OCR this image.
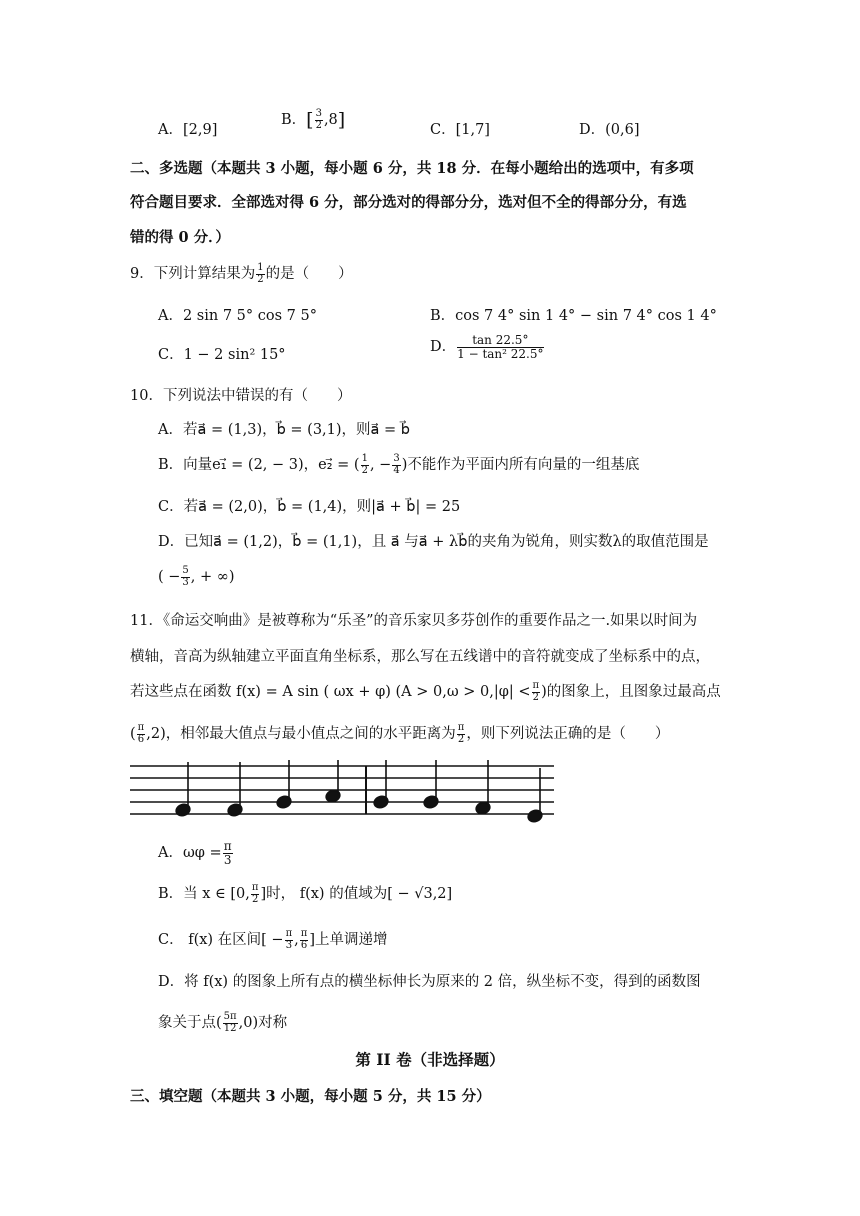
A．[2,9]
B．[ $\frac{3}{2} ,8$]	C．[1,7]	D．(0,6]
二、多选题（本题共 3 小题，每小题 6 分，共 18 分．在每小题给出的选项中，有多项
符合题目要求．全部选对得 6 分，部分选对的得部分分，选对但不全的得部分分，有选
错的得 0 分．）
9．下列计算结果为 $\frac{1}{2}$ 的是（　　）
A．2 sin 7 5° cos 7 5°	B．cos 7 4° sin 1 4° − sin 7 4° cos 1 4°
C．1 − 2 sin² 15°	D． $\frac{\tan 22.5^\circ}{\text{1 − tan² 22.5°}}$
10．下列说法中错误的有（　　）
A．若a⃗ = (1,3)，b⃗ = (3,1)，则a⃗ = b⃗
B．向量e₁⃗ = (2, − 3)，e₂⃗ = ( $\frac{1}{2}$ , − $\frac{3}{4}$ )不能作为平面内所有向量的一组基底
C．若a⃗ = (2,0)，b⃗ = (1,4)，则|a⃗ + b⃗| = 25
D．已知a⃗ = (1,2)，b⃗ = (1,1)，且 a⃗ 与a⃗ + λb⃗的夹角为锐角，则实数λ的取值范围是
( − $\frac{5}{3}$ , + ∞)
11．《命运交响曲》是被尊称为“乐圣”的音乐家贝多芬创作的重要作品之一.如果以时间为
横轴，音高为纵轴建立平面直角坐标系，那么写在五线谱中的音符就变成了坐标系中的点，
若这些点在函数 f(x) = A sin ( ωx + φ) ($A > 0,\omega > 0,|\varphi| < \frac{\pi}{2}$ )的图象上，且图象过最高点
( $\frac{\pi}{6} ,2$)，相邻最大值点与最小值点之间的水平距离为 $\frac{\pi}{2}$ ，则下列说法正确的是（　　）
A．$\omega\varphi = \frac{\pi}{3}$
B．当 x ∈ [0, $\frac{\pi}{2}$ ]时， f(x) 的值域为[ − √3,2]
C． f(x) 在区间[ − $\frac{\pi}{3}$ , $\frac{\pi}{6}$ ]上单调递增
D．将 f(x) 的图象上所有点的横坐标伸长为原来的 2 倍，纵坐标不变，得到的函数图
象关于点( $\frac{5\pi}{12} ,0$)对称
第 II 卷（非选择题）
三、填空题（本题共 3 小题，每小题 5 分，共 15 分）
